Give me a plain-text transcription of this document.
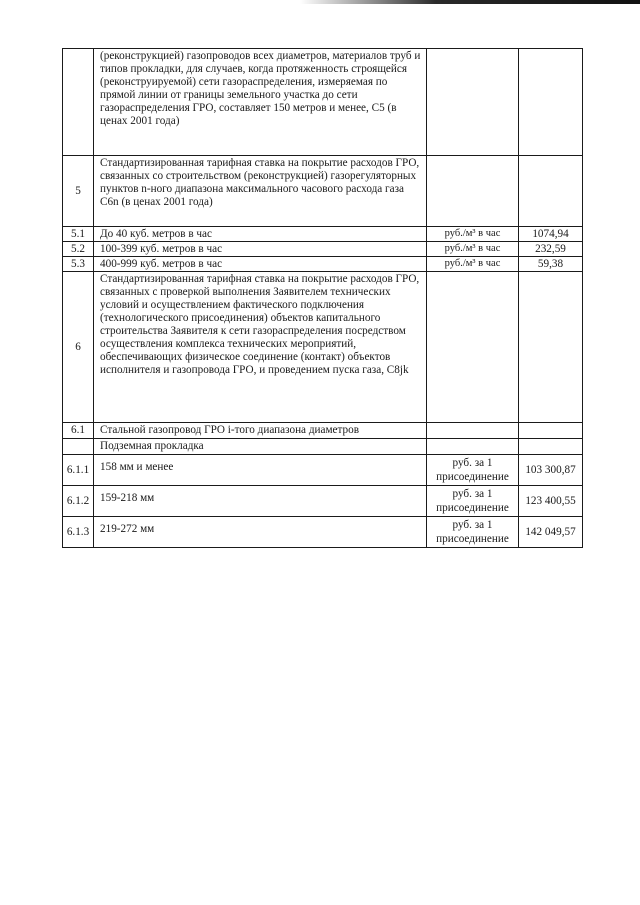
	(реконструкцией) газопроводов всех диаметров, материалов труб и типов прокладки, для случаев, когда протяженность строящейся (реконструируемой) сети газораспределения, измеряемая по прямой линии от границы земельного участка до сети газораспределения ГРО, составляет 150 метров и менее, С5 (в ценах 2001 года)		
5	Стандартизированная тарифная ставка на покрытие расходов ГРО, связанных со строительством (реконструкцией) газорегуляторных пунктов n-ного диапазона максимального часового расхода газа С6n (в ценах 2001 года)		
5.1	До 40 куб. метров в час	руб./м³ в час	1074,94
5.2	100-399 куб. метров в час	руб./м³ в час	232,59
5.3	400-999 куб. метров в час	руб./м³ в час	59,38
6	Стандартизированная тарифная ставка на покрытие расходов ГРО, связанных с проверкой выполнения Заявителем технических условий и осуществлением фактического подключения (технологического присоединения) объектов капитального строительства Заявителя к сети газораспределения посредством осуществления комплекса технических мероприятий, обеспечивающих физическое соединение (контакт) объектов исполнителя и газопровода ГРО, и проведением пуска газа, С8jk		
6.1	Стальной газопровод ГРО i-того диапазона диаметров		
	Подземная прокладка		
6.1.1	158 мм и менее	руб. за 1 присоединение	103 300,87
6.1.2	159-218 мм	руб. за 1 присоединение	123 400,55
6.1.3	219-272 мм	руб. за 1 присоединение	142 049,57
